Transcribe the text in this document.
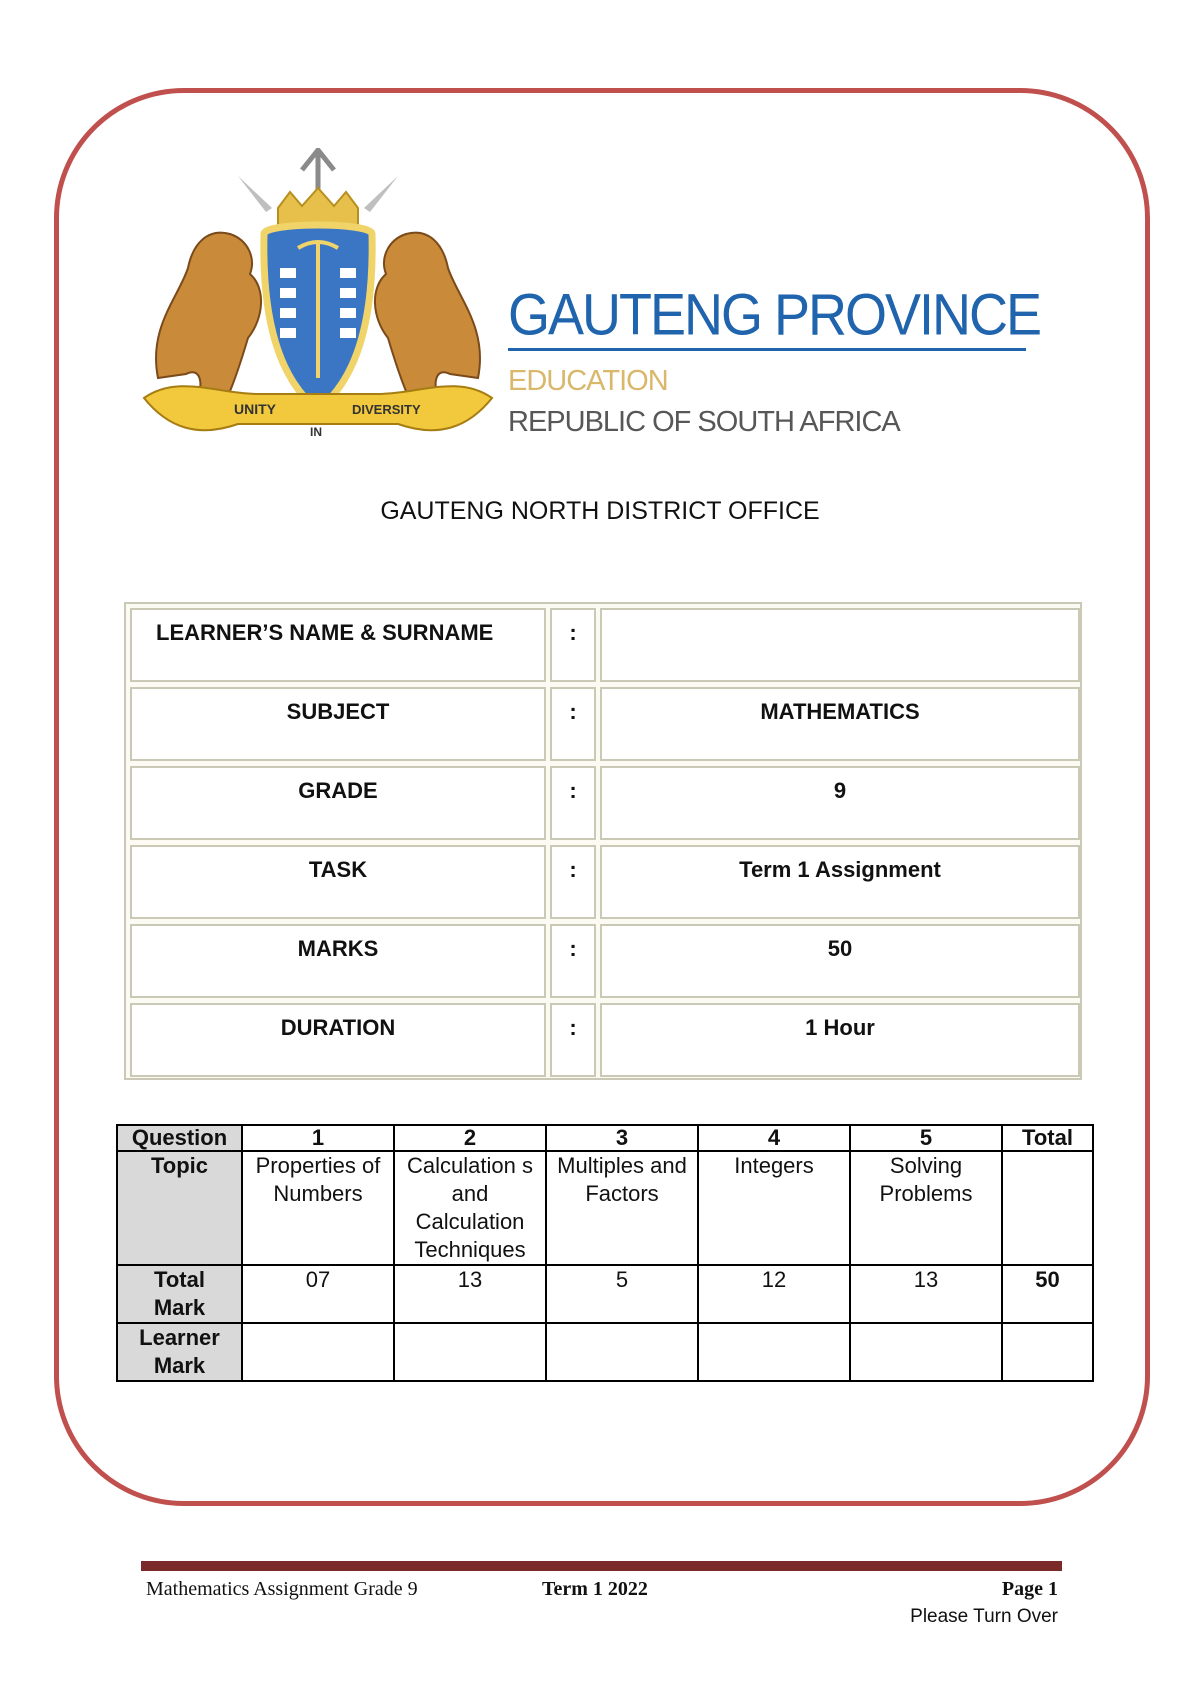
UNITY
IN
DIVERSITY
GAUTENG PROVINCE
EDUCATION
REPUBLIC OF SOUTH AFRICA
GAUTENG NORTH DISTRICT OFFICE
LEARNER’S NAME & SURNAME	:
SUBJECT	:	MATHEMATICS
GRADE	:	9
TASK	:	Term 1 Assignment
MARKS	:	50
DURATION	:	1 Hour
Question	1	2	3	4	5	Total
Topic	Properties of Numbers	Calculation s and Calculation Techniques	Multiples and Factors	Integers	Solving Problems	
Total
Mark	07	13	5	12	13	50
Learner
Mark						
Mathematics Assignment Grade 9	Term 1 2022	Page 1
Please Turn Over
